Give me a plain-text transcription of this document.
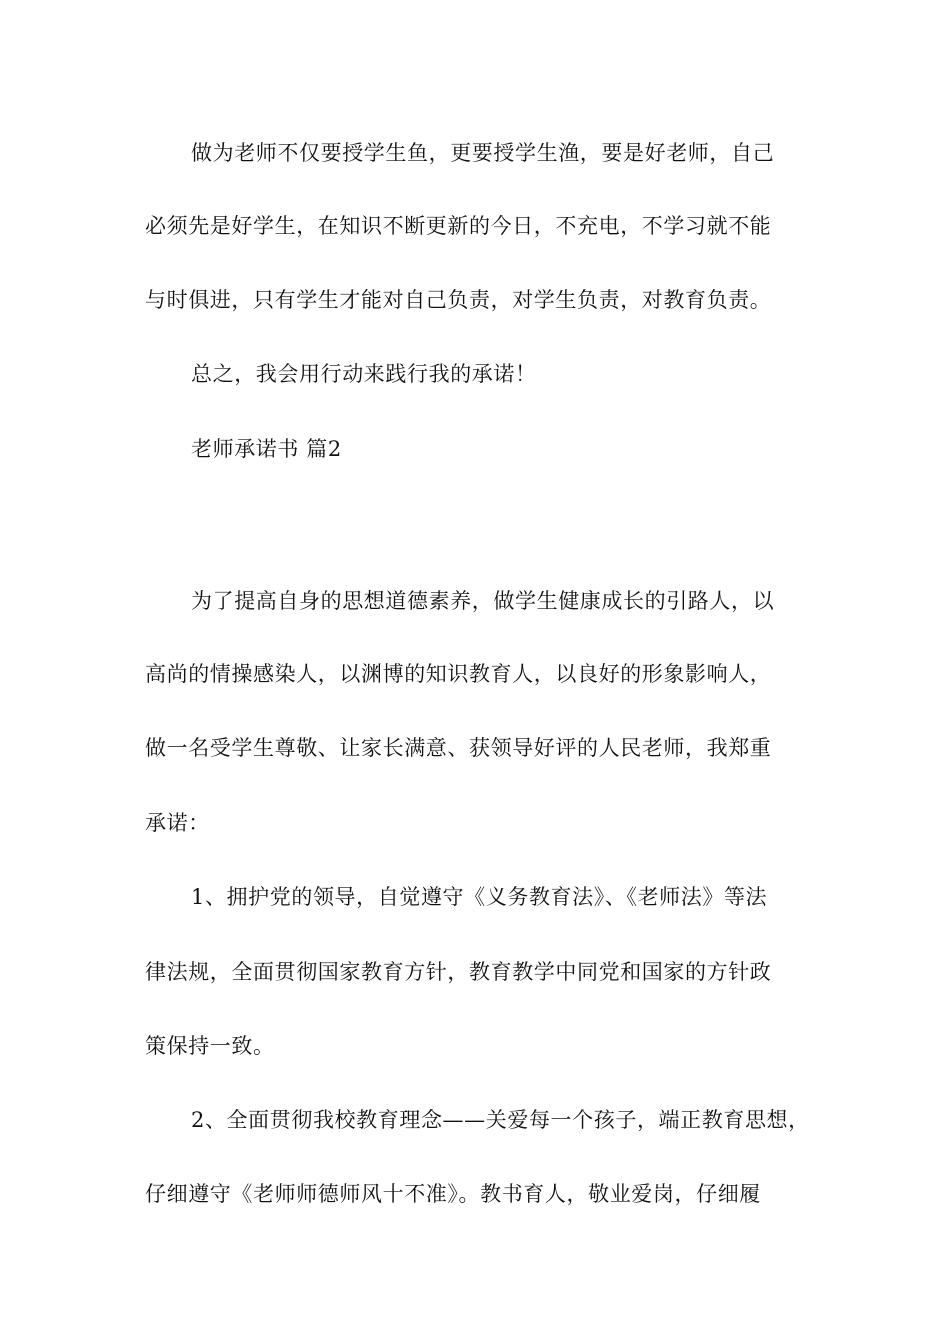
做为老师不仅要授学生鱼，更要授学生渔，要是好老师，自己
必须先是好学生，在知识不断更新的今日，不充电，不学习就不能
与时俱进，只有学生才能对自己负责，对学生负责，对教育负责。
总之，我会用行动来践行我的承诺！
老师承诺书 篇2
为了提高自身的思想道德素养，做学生健康成长的引路人，以
高尚的情操感染人，以渊博的知识教育人，以良好的形象影响人，
做一名受学生尊敬、让家长满意、获领导好评的人民老师，我郑重
承诺：
1、拥护党的领导，自觉遵守《义务教育法》、《老师法》等法
律法规，全面贯彻国家教育方针，教育教学中同党和国家的方针政
策保持一致。
2、全面贯彻我校教育理念——关爱每一个孩子，端正教育思想，
仔细遵守《老师师德师风十不准》。教书育人，敬业爱岗，仔细履
